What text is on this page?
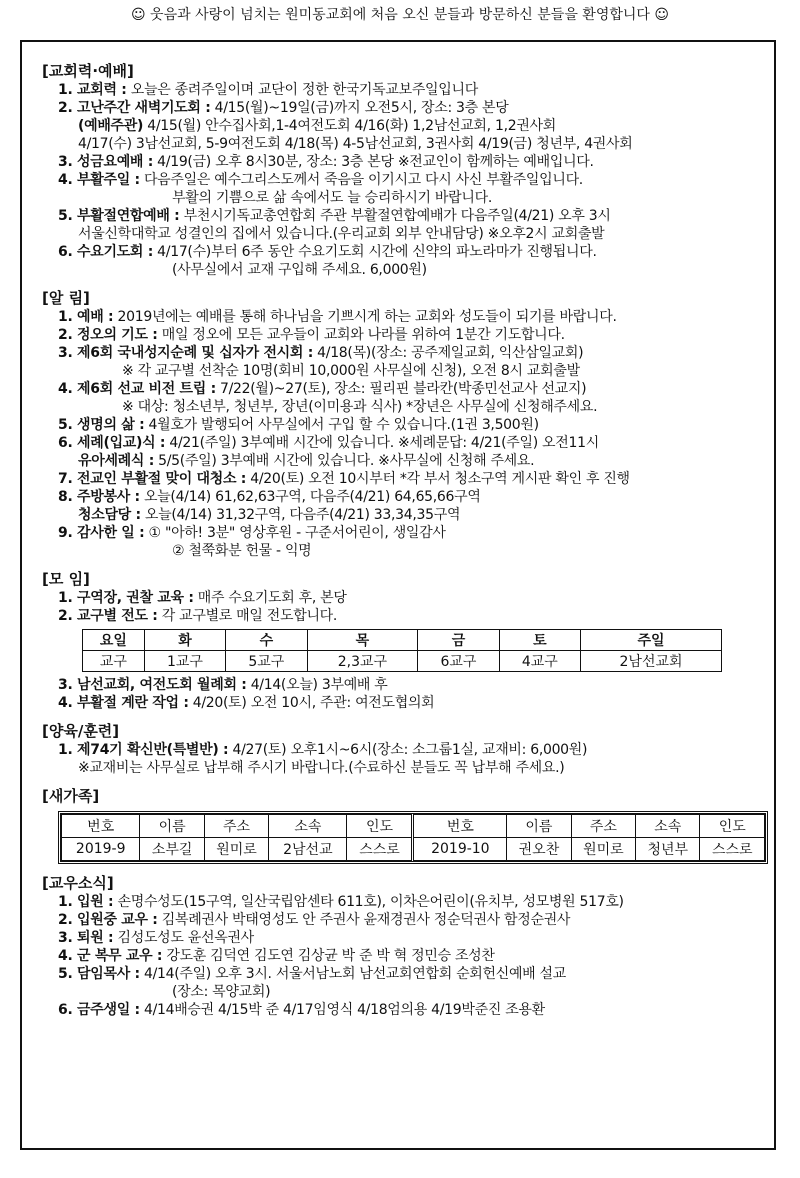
☺ 웃음과 사랑이 넘치는 원미동교회에 처음 오신 분들과 방문하신 분들을 환영합니다 ☺
[교회력·예배]
1. 교회력 : 오늘은 종려주일이며 교단이 정한 한국기독교보주일입니다
2. 고난주간 새벽기도회 : 4/15(월)~19일(금)까지 오전5시, 장소: 3층 본당
(예배주관) 4/15(월) 안수집사회,1-4여전도회 4/16(화) 1,2남선교회, 1,2권사회
4/17(수) 3남선교회, 5-9여전도회 4/18(목) 4-5남선교회, 3권사회 4/19(금) 청년부, 4권사회
3. 성금요예배 : 4/19(금) 오후 8시30분, 장소: 3층 본당 ※전교인이 함께하는 예배입니다.
4. 부활주일 : 다음주일은 예수그리스도께서 죽음을 이기시고 다시 사신 부활주일입니다.
부활의 기쁨으로 삶 속에서도 늘 승리하시기 바랍니다.
5. 부활절연합예배 : 부천시기독교총연합회 주관 부활절연합예배가 다음주일(4/21) 오후 3시
서울신학대학교 성결인의 집에서 있습니다.(우리교회 외부 안내담당) ※오후2시 교회출발
6. 수요기도회 : 4/17(수)부터 6주 동안 수요기도회 시간에 신약의 파노라마가 진행됩니다.
(사무실에서 교재 구입해 주세요. 6,000원)
[알 림]
1. 예배 : 2019년에는 예배를 통해 하나님을 기쁘시게 하는 교회와 성도들이 되기를 바랍니다.
2. 정오의 기도 : 매일 정오에 모든 교우들이 교회와 나라를 위하여 1분간 기도합니다.
3. 제6회 국내성지순례 및 십자가 전시회 : 4/18(목)(장소: 공주제일교회, 익산삼일교회)
※ 각 교구별 선착순 10명(회비 10,000원 사무실에 신청), 오전 8시 교회출발
4. 제6회 선교 비전 트립 : 7/22(월)~27(토), 장소: 필리핀 블라칸(박종민선교사 선교지)
※ 대상: 청소년부, 청년부, 장년(이미용과 식사) *장년은 사무실에 신청해주세요.
5. 생명의 삶 : 4월호가 발행되어 사무실에서 구입 할 수 있습니다.(1권 3,500원)
6. 세례(입교)식 : 4/21(주일) 3부예배 시간에 있습니다. ※세례문답: 4/21(주일) 오전11시
유아세례식 : 5/5(주일) 3부예배 시간에 있습니다. ※사무실에 신청해 주세요.
7. 전교인 부활절 맞이 대청소 : 4/20(토) 오전 10시부터 *각 부서 청소구역 게시판 확인 후 진행
8. 주방봉사 : 오늘(4/14) 61,62,63구역, 다음주(4/21) 64,65,66구역
청소담당 : 오늘(4/14) 31,32구역, 다음주(4/21) 33,34,35구역
9. 감사한 일 : ① "아하! 3분" 영상후원 - 구준서어린이, 생일감사
② 철쭉화분 헌물 - 익명
[모 임]
1. 구역장, 권찰 교육 : 매주 수요기도회 후, 본당
2. 교구별 전도 : 각 교구별로 매일 전도합니다.
요일	화	수	목	금	토	주일
교구	1교구	5교구	2,3교구	6교구	4교구	2남선교회
3. 남선교회, 여전도회 월례회 : 4/14(오늘) 3부예배 후
4. 부활절 계란 작업 : 4/20(토) 오전 10시, 주관: 여전도협의회
[양육/훈련]
1. 제74기 확신반(특별반) : 4/27(토) 오후1시~6시(장소: 소그룹1실, 교재비: 6,000원)
※교재비는 사무실로 납부해 주시기 바랍니다.(수료하신 분들도 꼭 납부해 주세요.)
[새가족]
번호	이름	주소	소속	인도	번호	이름	주소	소속	인도
2019-9	소부길	원미로	2남선교	스스로	2019-10	권오찬	원미로	청년부	스스로
[교우소식]
1. 입원 : 손명수성도(15구역, 일산국립암센타 611호), 이차은어린이(유치부, 성모병원 517호)
2. 입원중 교우 : 김복례권사 박태영성도 안 주권사 윤재경권사 정순덕권사 함정순권사
3. 퇴원 : 김성도성도 윤선옥권사
4. 군 복무 교우 : 강도훈 김덕연 김도연 김상균 박 준 박 혁 정민승 조성찬
5. 담임목사 : 4/14(주일) 오후 3시. 서울서남노회 남선교회연합회 순회헌신예배 설교
(장소: 목양교회)
6. 금주생일 : 4/14배승권 4/15박 준 4/17임영식 4/18엄의용 4/19박준진 조용환
